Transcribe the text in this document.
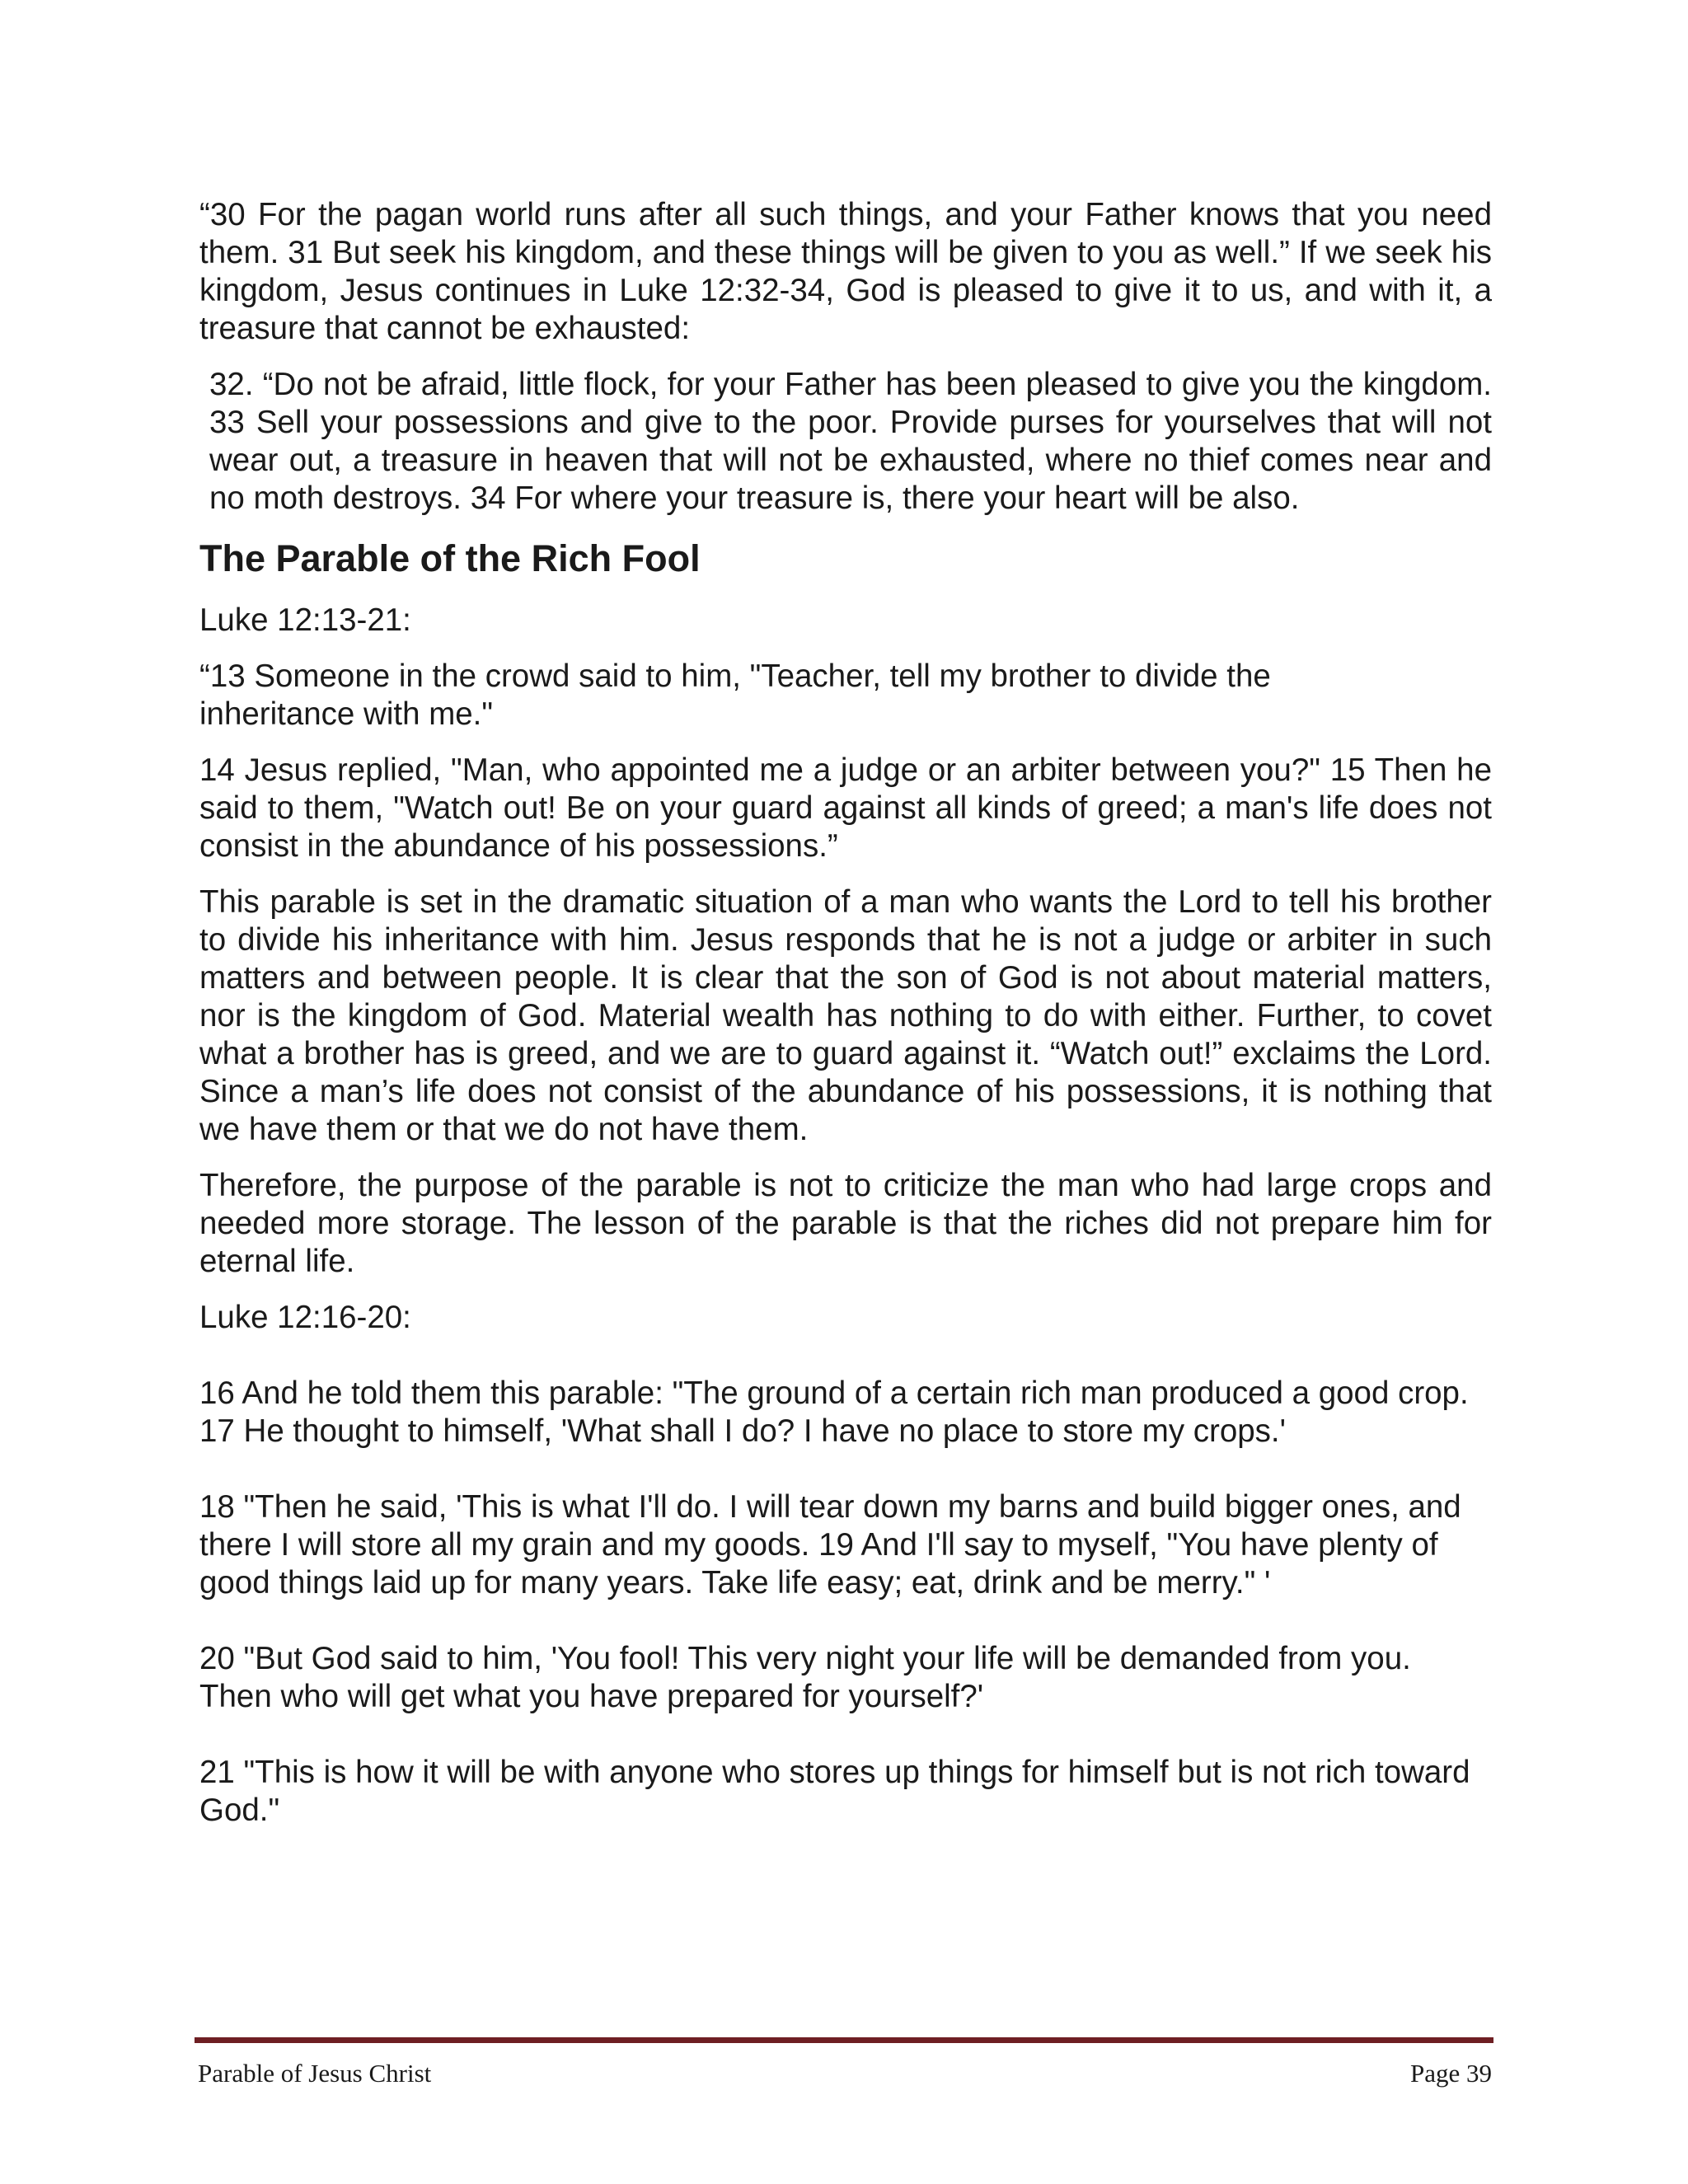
“30 For the pagan world runs after all such things, and your Father knows that you need them. 31 But seek his kingdom, and these things will be given to you as well.” If we seek his kingdom, Jesus continues in Luke 12:32-34, God is pleased to give it to us, and with it, a treasure that cannot be exhausted:

32. “Do not be afraid, little flock, for your Father has been pleased to give you the kingdom. 33 Sell your possessions and give to the poor. Provide purses for yourselves that will not wear out, a treasure in heaven that will not be exhausted, where no thief comes near and no moth destroys. 34 For where your treasure is, there your heart will be also.

The Parable of the Rich Fool

Luke 12:13-21:

“13 Someone in the crowd said to him, "Teacher, tell my brother to divide the inheritance with me."

14 Jesus replied, "Man, who appointed me a judge or an arbiter between you?" 15 Then he said to them, "Watch out! Be on your guard against all kinds of greed; a man's life does not consist in the abundance of his possessions.”

This parable is set in the dramatic situation of a man who wants the Lord to tell his brother to divide his inheritance with him. Jesus responds that he is not a judge or arbiter in such matters and between people. It is clear that the son of God is not about material matters, nor is the kingdom of God. Material wealth has nothing to do with either. Further, to covet what a brother has is greed, and we are to guard against it. “Watch out!” exclaims the Lord. Since a man’s life does not consist of the abundance of his possessions, it is nothing that we have them or that we do not have them.

Therefore, the purpose of the parable is not to criticize the man who had large crops and needed more storage. The lesson of the parable is that the riches did not prepare him for eternal life.

Luke 12:16-20:

16 And he told them this parable: "The ground of a certain rich man produced a good crop. 17 He thought to himself, 'What shall I do? I have no place to store my crops.'

18 "Then he said, 'This is what I'll do. I will tear down my barns and build bigger ones, and there I will store all my grain and my goods. 19 And I'll say to myself, "You have plenty of good things laid up for many years. Take life easy; eat, drink and be merry." '

20 "But God said to him, 'You fool! This very night your life will be demanded from you. Then who will get what you have prepared for yourself?'

21 "This is how it will be with anyone who stores up things for himself but is not rich toward God."

Parable of Jesus Christ	Page 39
